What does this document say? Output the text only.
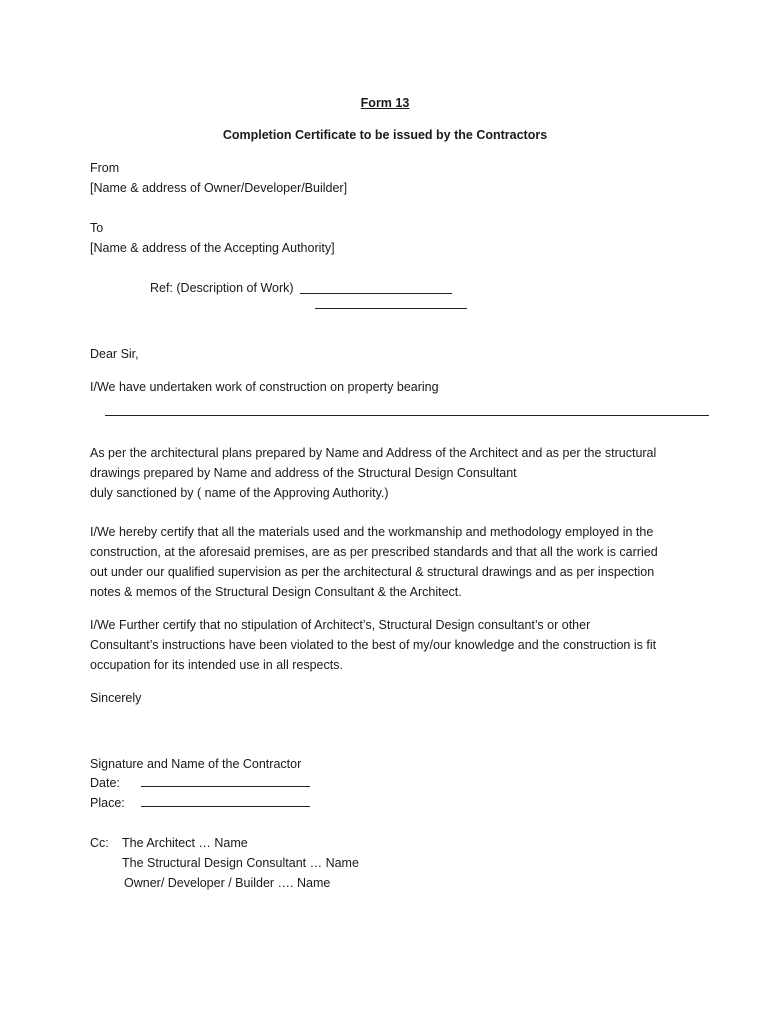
Form 13
Completion Certificate to be issued by the Contractors
From
[Name & address of Owner/Developer/Builder]
To
[Name & address of the Accepting Authority]
Ref: (Description of Work)
Dear Sir,
I/We have undertaken work of construction on property bearing
As per the architectural plans prepared by Name and Address of the Architect and as per the structural
drawings prepared by Name and address of the Structural Design Consultant
duly sanctioned by ( name of the Approving Authority.)
I/We hereby certify that all the materials used and the workmanship and methodology employed in the
construction, at the aforesaid premises, are as per prescribed standards and that all the work is carried
out under our qualified supervision as per the architectural & structural drawings and as per inspection
notes & memos of the Structural Design Consultant & the Architect.
I/We Further certify that no stipulation of Architect’s, Structural Design consultant’s or other
Consultant’s instructions have been violated to the best of my/our knowledge and the construction is fit
occupation for its intended use in all respects.
Sincerely
Signature and Name of the Contractor
Date:
Place:
Cc: The Architect … Name
The Structural Design Consultant … Name
Owner/ Developer / Builder …. Name
